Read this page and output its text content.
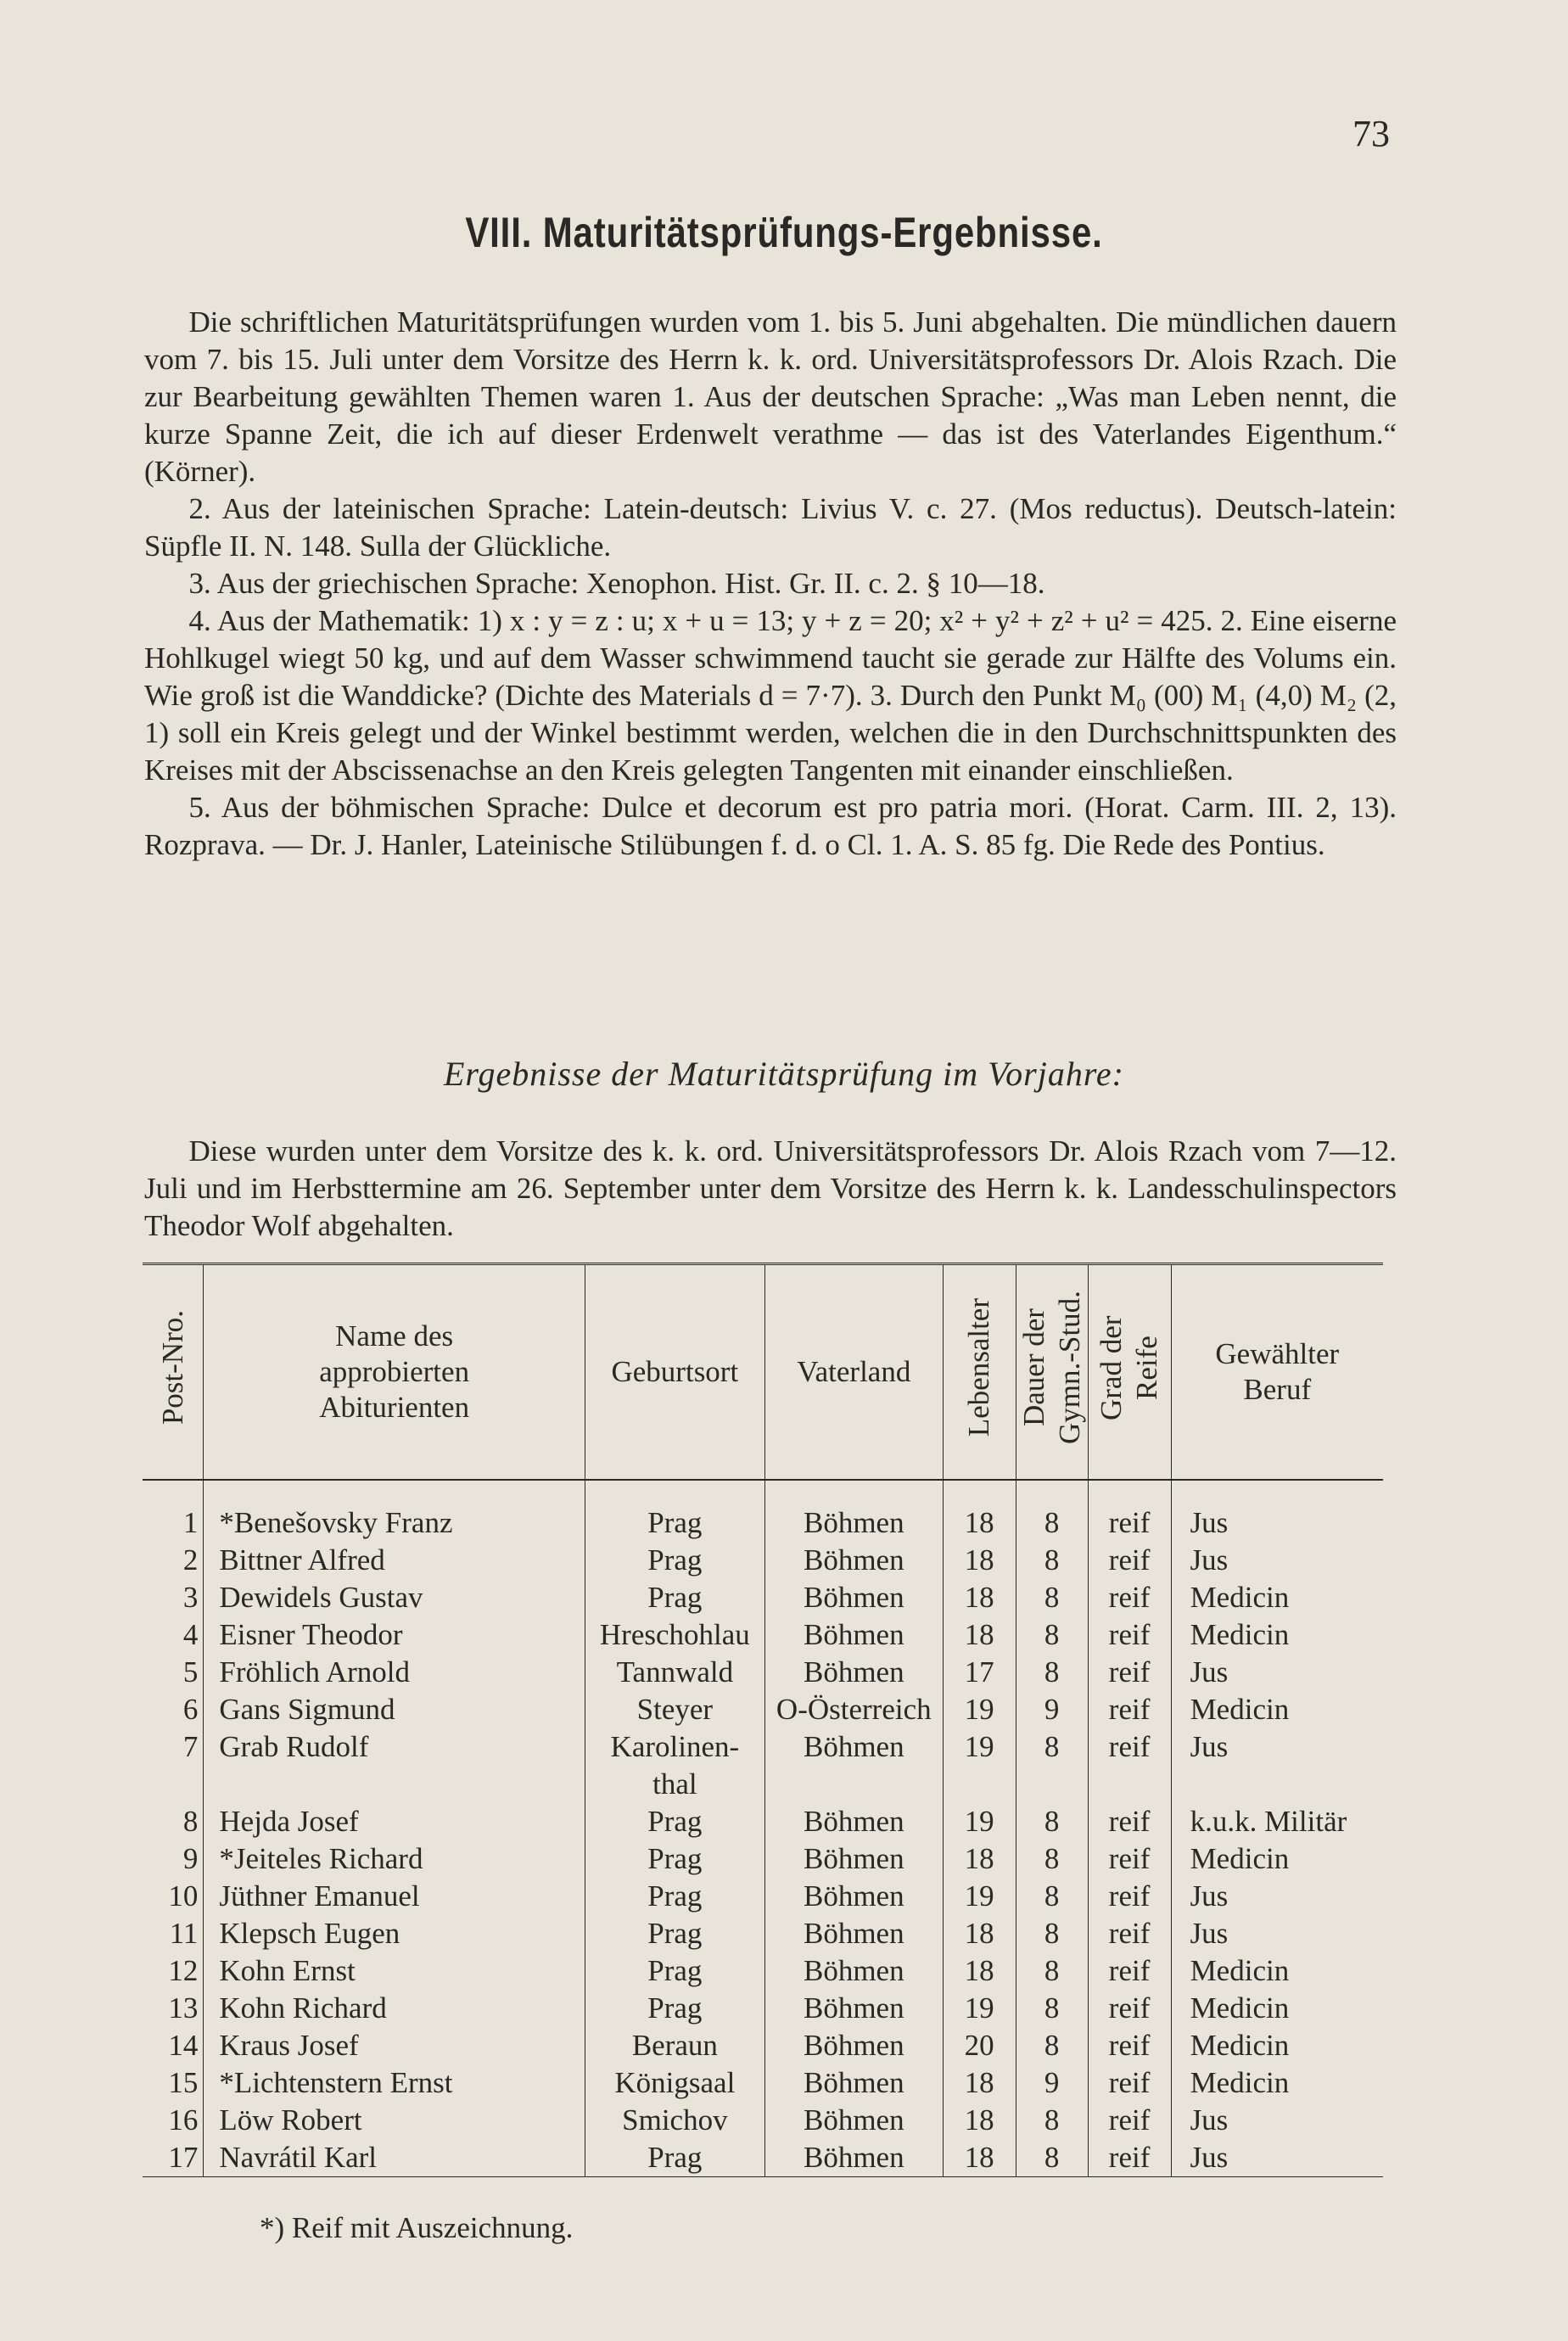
73
VIII. Maturitätsprüfungs-Ergebnisse.

Die schriftlichen Maturitätsprüfungen wurden vom 1. bis 5. Juni abgehalten. Die mündlichen dauern vom 7. bis 15. Juli unter dem Vorsitze des Herrn k. k. ord. Universitätsprofessors Dr. Alois Rzach. Die zur Bearbeitung gewählten Themen waren 1. Aus der deutschen Sprache: „Was man Leben nennt, die kurze Spanne Zeit, die ich auf dieser Erdenwelt verathme — das ist des Vaterlandes Eigenthum.“ (Körner).

2. Aus der lateinischen Sprache: Latein-deutsch: Livius V. c. 27. (Mos reductus). Deutsch-latein: Süpfle II. N. 148. Sulla der Glückliche.

3. Aus der griechischen Sprache: Xenophon. Hist. Gr. II. c. 2. § 10—18.

4. Aus der Mathematik: 1) x : y = z : u; x + u = 13; y + z = 20; x² + y² + z² + u² = 425. 2. Eine eiserne Hohlkugel wiegt 50 kg, und auf dem Wasser schwimmend taucht sie gerade zur Hälfte des Volums ein. Wie groß ist die Wanddicke? (Dichte des Materials d = 7·7). 3. Durch den Punkt M₀ (00) M₁ (4,0) M₂ (2, 1) soll ein Kreis gelegt und der Winkel bestimmt werden, welchen die in den Durchschnittspunkten des Kreises mit der Abscissenachse an den Kreis gelegten Tangenten mit einander einschließen.

5. Aus der böhmischen Sprache: Dulce et decorum est pro patria mori. (Horat. Carm. III. 2, 13). Rozprava. — Dr. J. Hanler, Lateinische Stilübungen f. d. o Cl. 1. A. S. 85 fg. Die Rede des Pontius.

Ergebnisse der Maturitätsprüfung im Vorjahre:

Diese wurden unter dem Vorsitze des k. k. ord. Universitätsprofessors Dr. Alois Rzach vom 7—12. Juli und im Herbsttermine am 26. September unter dem Vorsitze des Herrn k. k. Landesschulinspectors Theodor Wolf abgehalten.

Post-Nro.	Name des approbierten Abiturienten	Geburtsort	Vaterland	Lebensalter	Dauer der Gymn.-Stud.	Grad der Reife	Gewählter Beruf

1	*Benešovsky Franz	Prag	Böhmen	18	8	reif	Jus
2	Bittner Alfred	Prag	Böhmen	18	8	reif	Jus
3	Dewidels Gustav	Prag	Böhmen	18	8	reif	Medicin
4	Eisner Theodor	Hreschohlau	Böhmen	18	8	reif	Medicin
5	Fröhlich Arnold	Tannwald	Böhmen	17	8	reif	Jus
6	Gans Sigmund	Steyer	O-Österreich	19	9	reif	Medicin
7	Grab Rudolf	Karolinen-
thal	Böhmen	19	8	reif	Jus
8	Hejda Josef	Prag	Böhmen	19	8	reif	k.u.k. Militär
9	*Jeiteles Richard	Prag	Böhmen	18	8	reif	Medicin
10	Jüthner Emanuel	Prag	Böhmen	19	8	reif	Jus
11	Klepsch Eugen	Prag	Böhmen	18	8	reif	Jus
12	Kohn Ernst	Prag	Böhmen	18	8	reif	Medicin
13	Kohn Richard	Prag	Böhmen	19	8	reif	Medicin
14	Kraus Josef	Beraun	Böhmen	20	8	reif	Medicin
15	*Lichtenstern Ernst	Königsaal	Böhmen	18	9	reif	Medicin
16	Löw Robert	Smichov	Böhmen	18	8	reif	Jus
17	Navrátil Karl	Prag	Böhmen	18	8	reif	Jus
*) Reif mit Auszeichnung.
